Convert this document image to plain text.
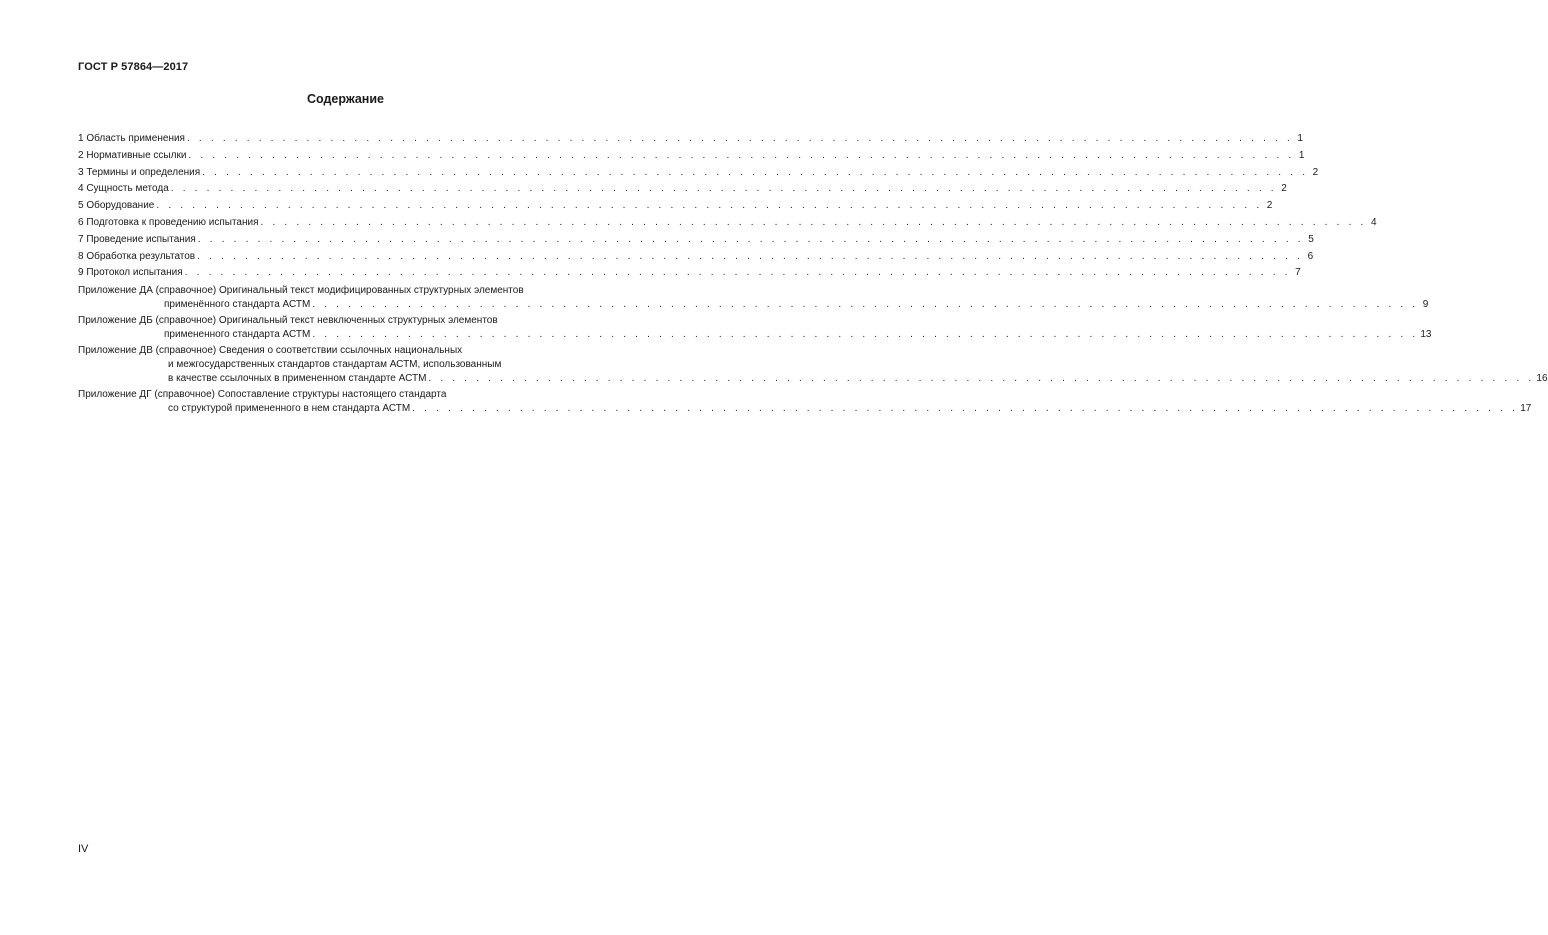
ГОСТ Р 57864—2017
Содержание
1 Область применения . . . . . . . . . . . . . . . . . . . . . . . . . . . . . . . . . . . . . . . . . . . . . . . . . . . . . . . . . . . . . . . . . . . . . . . . . . . . . . . . . . . . . . . . . . . . . 1
2 Нормативные ссылки . . . . . . . . . . . . . . . . . . . . . . . . . . . . . . . . . . . . . . . . . . . . . . . . . . . . . . . . . . . . . . . . . . . . . . . . . . . . . . . . . . . . . . . . . . . . . 1
3 Термины и определения . . . . . . . . . . . . . . . . . . . . . . . . . . . . . . . . . . . . . . . . . . . . . . . . . . . . . . . . . . . . . . . . . . . . . . . . . . . . . . . . . . . . . . . . . . . . . 2
4 Сущность метода . . . . . . . . . . . . . . . . . . . . . . . . . . . . . . . . . . . . . . . . . . . . . . . . . . . . . . . . . . . . . . . . . . . . . . . . . . . . . . . . . . . . . . . . . . . . . 2
5 Оборудование . . . . . . . . . . . . . . . . . . . . . . . . . . . . . . . . . . . . . . . . . . . . . . . . . . . . . . . . . . . . . . . . . . . . . . . . . . . . . . . . . . . . . . . . . . . . . 2
6 Подготовка к проведению испытания . . . . . . . . . . . . . . . . . . . . . . . . . . . . . . . . . . . . . . . . . . . . . . . . . . . . . . . . . . . . . . . . . . . . . . . . . . . . . . . . . . . . . . . . . . . . . 4
7 Проведение испытания . . . . . . . . . . . . . . . . . . . . . . . . . . . . . . . . . . . . . . . . . . . . . . . . . . . . . . . . . . . . . . . . . . . . . . . . . . . . . . . . . . . . . . . . . . . . . 5
8 Обработка результатов . . . . . . . . . . . . . . . . . . . . . . . . . . . . . . . . . . . . . . . . . . . . . . . . . . . . . . . . . . . . . . . . . . . . . . . . . . . . . . . . . . . . . . . . . . . . . 6
9 Протокол испытания . . . . . . . . . . . . . . . . . . . . . . . . . . . . . . . . . . . . . . . . . . . . . . . . . . . . . . . . . . . . . . . . . . . . . . . . . . . . . . . . . . . . . . . . . . . . . 7
Приложение ДА (справочное) Оригинальный текст модифицированных структурных элементов
применённого стандарта АСТМ . . . . . . . . . . . . . . . . . . . . . . . . . . . . . . . . . . . . . . . . . . . . . . . . . . . . . . . . . . . . . . . . . . . . . . . . . . . . . . . . . . . . . . . . . . . . . 9
Приложение ДБ (справочное) Оригинальный текст невключенных структурных элементов
примененного стандарта АСТМ . . . . . . . . . . . . . . . . . . . . . . . . . . . . . . . . . . . . . . . . . . . . . . . . . . . . . . . . . . . . . . . . . . . . . . . . . . . . . . . . . . . . . . . . . . . . . 13
Приложение ДВ (справочное) Сведения о соответствии ссылочных национальных
и межгосударственных стандартов стандартам АСТМ, использованным
в качестве ссылочных в примененном стандарте АСТМ . . . . . . . . . . . . . . . . . . . . . . . . . . . . . . . . . . . . . . . . . . . . . . . . . . . . . . . . . . . . . . . . . . . . . . . . . . . . . . . . . . . . . . . . . . . . . 16
Приложение ДГ (справочное) Сопоставление структуры настоящего стандарта
со структурой примененного в нем стандарта АСТМ . . . . . . . . . . . . . . . . . . . . . . . . . . . . . . . . . . . . . . . . . . . . . . . . . . . . . . . . . . . . . . . . . . . . . . . . . . . . . . . . . . . . . . . . . . . . . 17
IV
